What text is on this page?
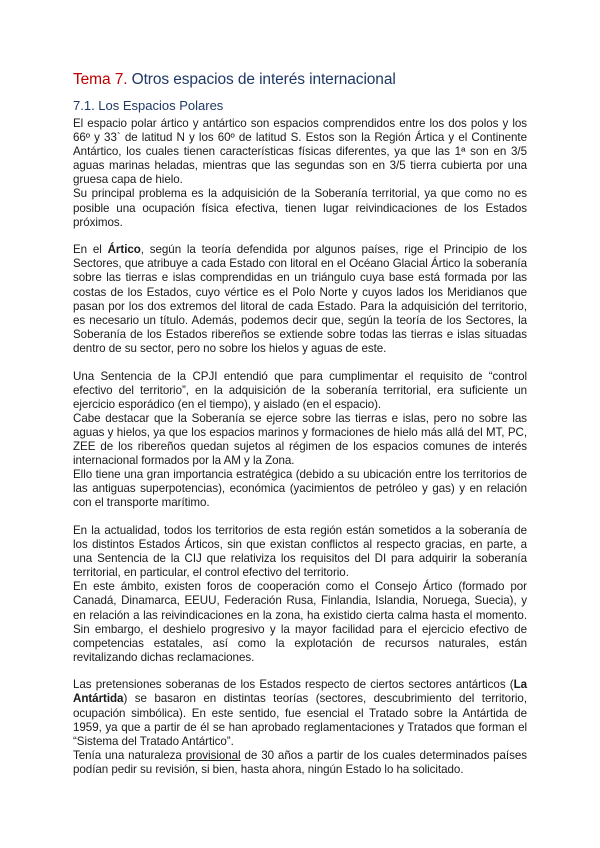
Tema 7. Otros espacios de interés internacional
7.1. Los Espacios Polares

El espacio polar ártico y antártico son espacios comprendidos entre los dos polos y los 66º y 33` de latitud N y los 60º de latitud S. Estos son la Región Ártica y el Continente Antártico, los cuales tienen características físicas diferentes, ya que las 1ª son en 3/5 aguas marinas heladas, mientras que las segundas son en 3/5 tierra cubierta por una gruesa capa de hielo.

Su principal problema es la adquisición de la Soberanía territorial, ya que como no es posible una ocupación física efectiva, tienen lugar reivindicaciones de los Estados próximos.

En el Ártico, según la teoría defendida por algunos países, rige el Principio de los Sectores, que atribuye a cada Estado con litoral en el Océano Glacial Ártico la soberanía sobre las tierras e islas comprendidas en un triángulo cuya base está formada por las costas de los Estados, cuyo vértice es el Polo Norte y cuyos lados los Meridianos que pasan por los dos extremos del litoral de cada Estado. Para la adquisición del territorio, es necesario un título. Además, podemos decir que, según la teoría de los Sectores, la Soberanía de los Estados ribereños se extiende sobre todas las tierras e islas situadas dentro de su sector, pero no sobre los hielos y aguas de este.

Una Sentencia de la CPJI entendió que para cumplimentar el requisito de “control efectivo del territorio”, en la adquisición de la soberanía territorial, era suficiente un ejercicio esporádico (en el tiempo), y aislado (en el espacio).

Cabe destacar que la Soberanía se ejerce sobre las tierras e islas, pero no sobre las aguas y hielos, ya que los espacios marinos y formaciones de hielo más allá del MT, PC, ZEE de los ribereños quedan sujetos al régimen de los espacios comunes de interés internacional formados por la AM y la Zona.

Ello tiene una gran importancia estratégica (debido a su ubicación entre los territorios de las antiguas superpotencias), económica (yacimientos de petróleo y gas) y en relación con el transporte marítimo.

En la actualidad, todos los territorios de esta región están sometidos a la soberanía de los distintos Estados Árticos, sin que existan conflictos al respecto gracias, en parte, a una Sentencia de la CIJ que relativiza los requisitos del DI para adquirir la soberanía territorial, en particular, el control efectivo del territorio.

En este ámbito, existen foros de cooperación como el Consejo Ártico (formado por Canadá, Dinamarca, EEUU, Federación Rusa, Finlandia, Islandia, Noruega, Suecia), y en relación a las reivindicaciones en la zona, ha existido cierta calma hasta el momento. Sin embargo, el deshielo progresivo y la mayor facilidad para el ejercicio efectivo de competencias estatales, así como la explotación de recursos naturales, están revitalizando dichas reclamaciones.

Las pretensiones soberanas de los Estados respecto de ciertos sectores antárticos (La Antártida) se basaron en distintas teorías (sectores, descubrimiento del territorio, ocupación simbólica). En este sentido, fue esencial el Tratado sobre la Antártida de 1959, ya que a partir de él se han aprobado reglamentaciones y Tratados que forman el “Sistema del Tratado Antártico”.

Tenía una naturaleza provisional de 30 años a partir de los cuales determinados países podían pedir su revisión, si bien, hasta ahora, ningún Estado lo ha solicitado.
